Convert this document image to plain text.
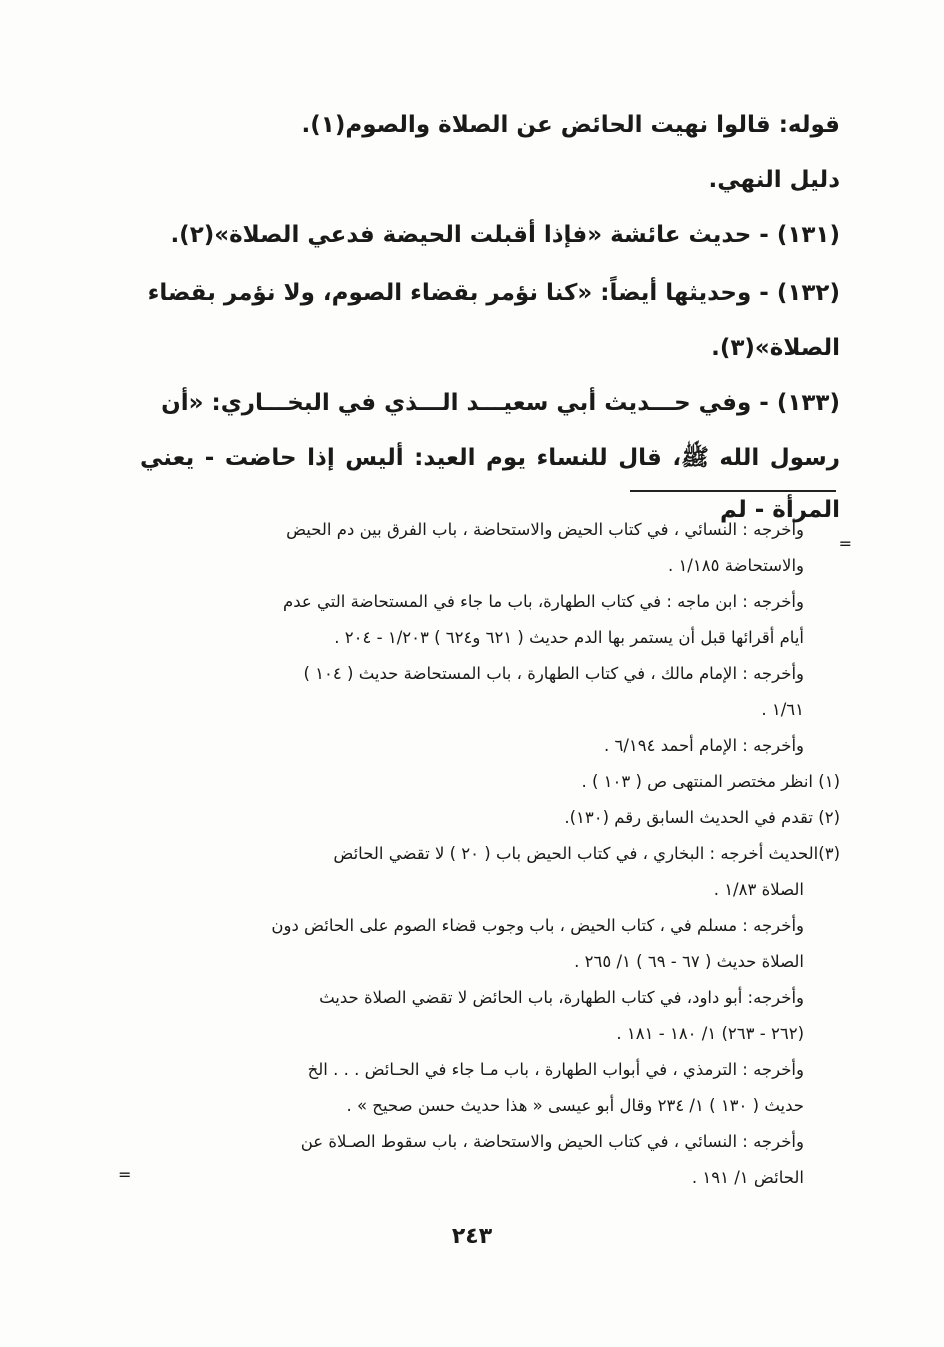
قوله: قالوا نهيت الحائض عن الصلاة والصوم(١).

دليل النهي.

(١٣١) - حديث عائشة «فإذا أقبلت الحيضة فدعي الصلاة»(٢).

(١٣٢) - وحديثها أيضاً: «كنا نؤمر بقضاء الصوم، ولا نؤمر بقضاء

الصلاة»(٣).

(١٣٣) - وفي حـــديث أبي سعيـــد الـــذي في البخـــاري: «أن

رسول الله ﷺ، قال للنساء يوم العيد: أليس إذا حاضت - يعني المرأة - لم

=
وأخرجه : النسائي ، في كتاب الحيض والاستحاضة ، باب الفرق بين دم الحيض
والاستحاضة ١/١٨٥ .
وأخرجه : ابن ماجه : في كتاب الطهارة، باب ما جاء في المستحاضة التي عدم
أيام أقرائها قبل أن يستمر بها الدم حديث ( ٦٢١ و٦٢٤ ) ١/٢٠٣ - ٢٠٤ .
وأخرجه : الإمام مالك ، في كتاب الطهارة ، باب المستحاضة حديث ( ١٠٤ )
١/٦١ .
وأخرجه : الإمام أحمد ٦/١٩٤ .
(١) انظر مختصر المنتهى ص ( ١٠٣ ) .
(٢) تقدم في الحديث السابق رقم (١٣٠).
(٣)الحديث أخرجه : البخاري ، في كتاب الحيض باب ( ٢٠ ) لا تقضي الحائض
الصلاة ١/٨٣ .
وأخرجه : مسلم في ، كتاب الحيض ، باب وجوب قضاء الصوم على الحائض دون
الصلاة حديث ( ٦٧ - ٦٩ ) ١/ ٢٦٥ .
وأخرجه: أبو داود، في كتاب الطهارة، باب الحائض لا تقضي الصلاة حديث
(٢٦٢ - ٢٦٣) ١/ ١٨٠ - ١٨١ .
وأخرجه : الترمذي ، في أبواب الطهارة ، باب مـا جاء في الحـائض . . . الخ
حديث ( ١٣٠ ) ١/ ٢٣٤ وقال أبو عيسى « هذا حديث حسن صحيح » .
وأخرجه : النسائي ، في كتاب الحيض والاستحاضة ، باب سقوط الصـلاة عن
الحائض ١/ ١٩١ .
=
٢٤٣
